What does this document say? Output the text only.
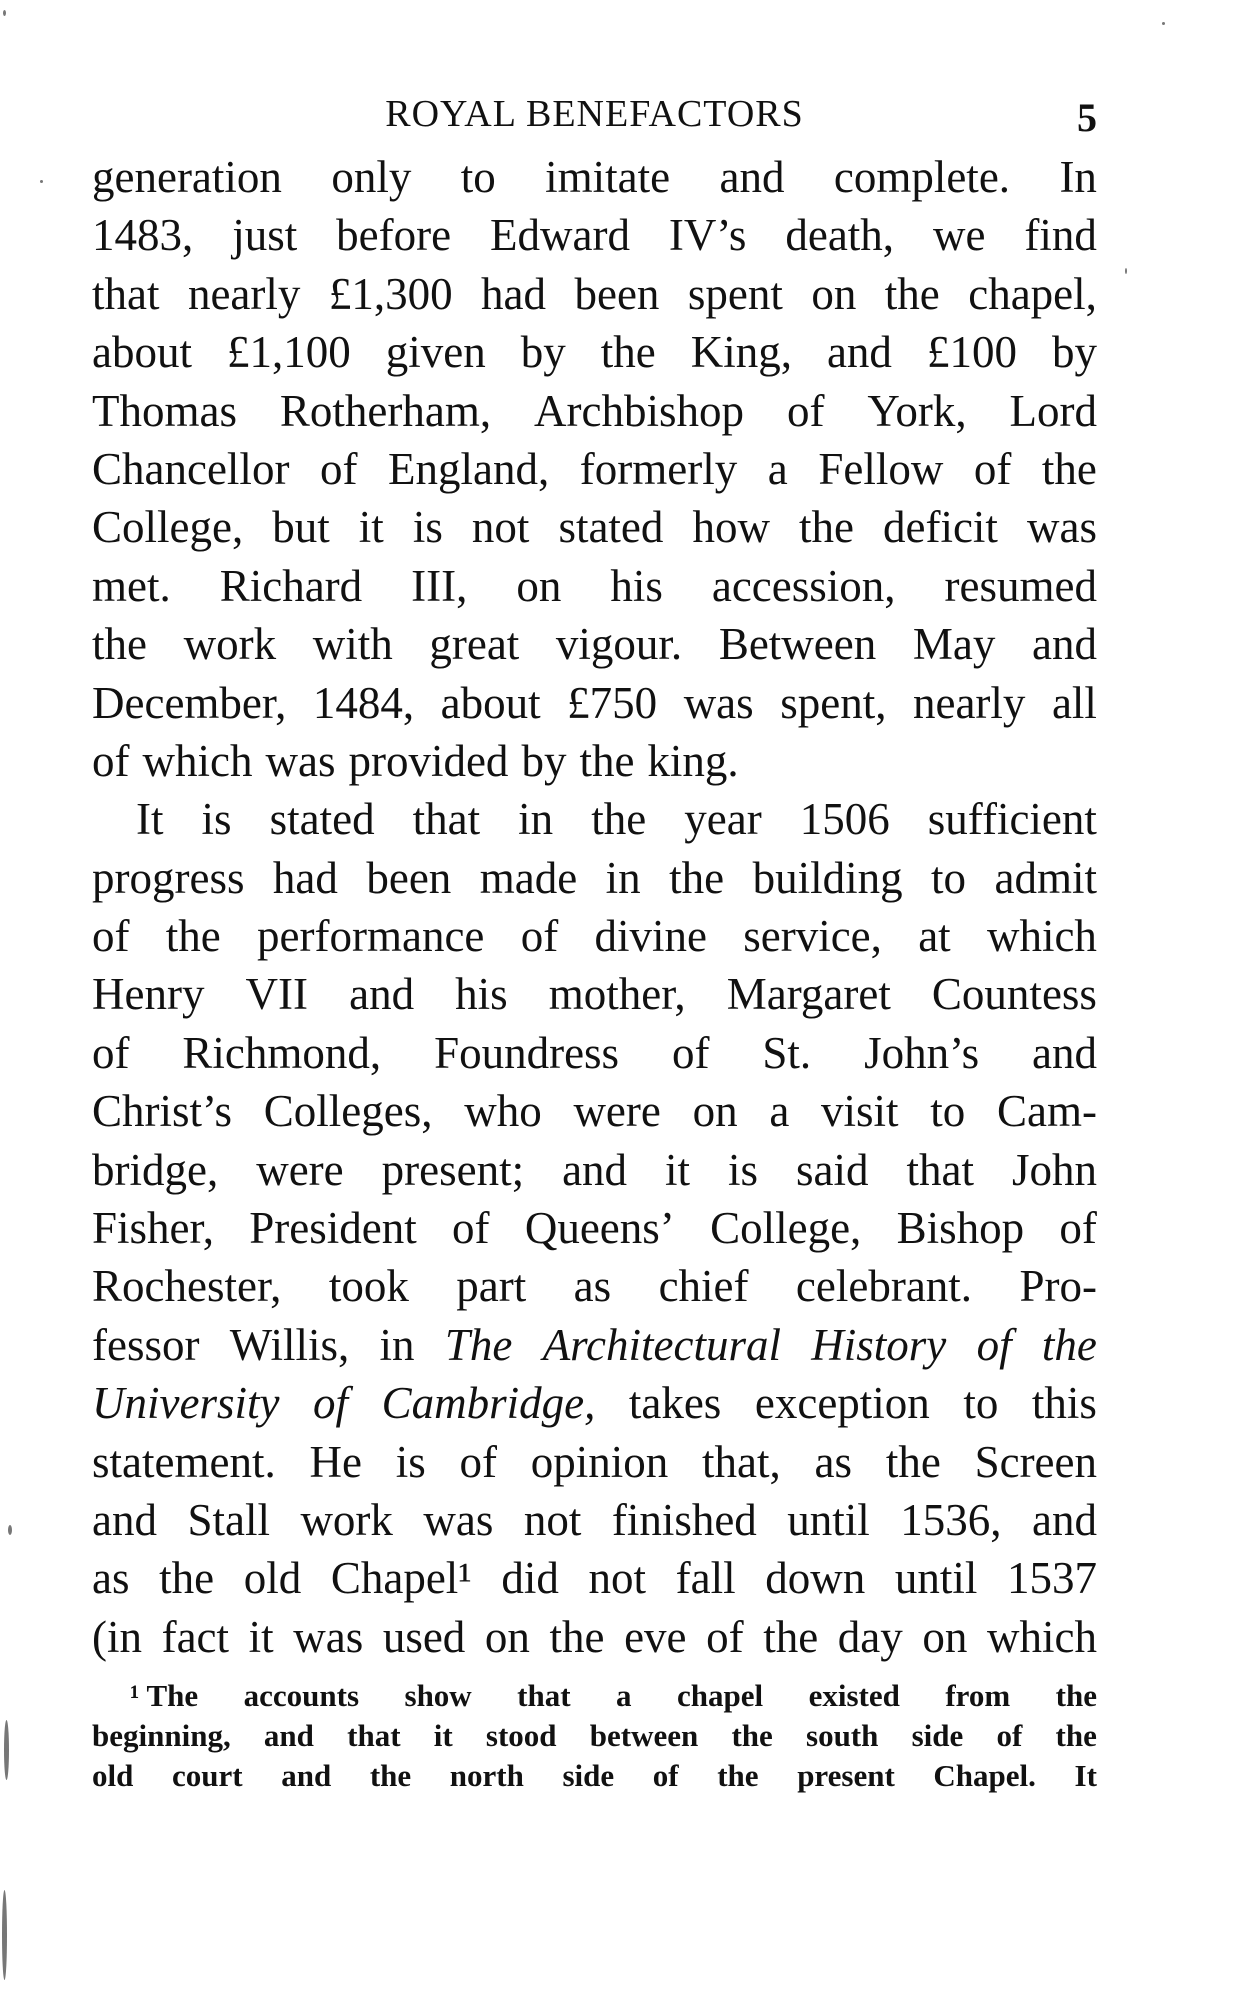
ROYAL BENEFACTORS	5
generation only to imitate and complete. In
1483, just before Edward IV’s death, we find
that nearly £1,300 had been spent on the chapel,
about £1,100 given by the King, and £100 by
Thomas Rotherham, Archbishop of York, Lord
Chancellor of England, formerly a Fellow of the
College, but it is not stated how the deficit was
met. Richard III, on his accession, resumed
the work with great vigour. Between May and
December, 1484, about £750 was spent, nearly all
of which was provided by the king.
It is stated that in the year 1506 sufficient
progress had been made in the building to admit
of the performance of divine service, at which
Henry VII and his mother, Margaret Countess
of Richmond, Foundress of St. John’s and
Christ’s Colleges, who were on a visit to Cam-
bridge, were present; and it is said that John
Fisher, President of Queens’ College, Bishop of
Rochester, took part as chief celebrant. Pro-
fessor Willis, in The Architectural History of the
University of Cambridge, takes exception to this
statement. He is of opinion that, as the Screen
and Stall work was not finished until 1536, and
as the old Chapel¹ did not fall down until 1537
(in fact it was used on the eve of the day on which
¹ The accounts show that a chapel existed from the
beginning, and that it stood between the south side of the
old court and the north side of the present Chapel. It
